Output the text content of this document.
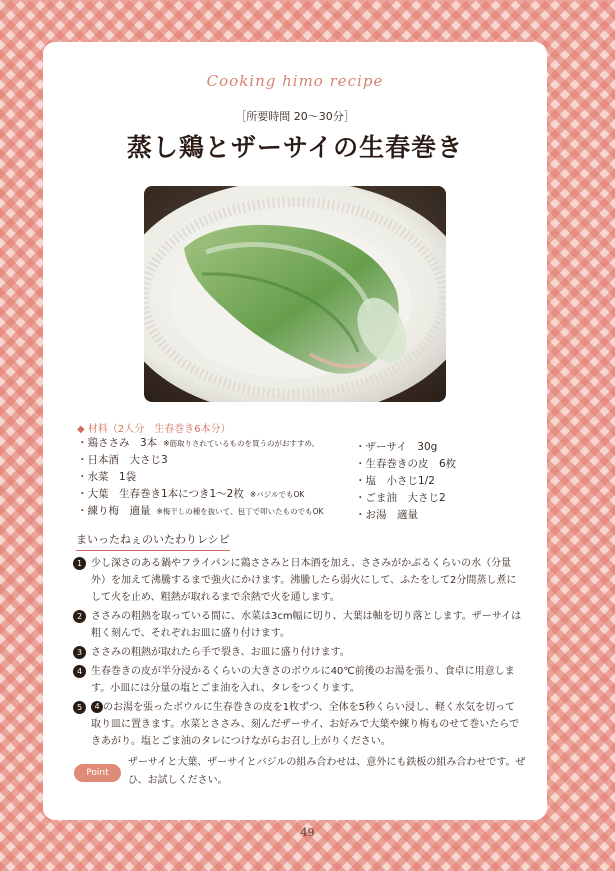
Cooking himo recipe
［所要時間 20〜30分］
蒸し鶏とザーサイの生春巻き
◆ 材料（2人分　生春巻き6本分）
・鶏ささみ　3本 ※筋取りされているものを買うのがおすすめ。
・日本酒　大さじ3
・水菜　1袋
・大葉　生春巻き1本につき1〜2枚 ※バジルでもOK
・練り梅　適量 ※梅干しの種を抜いて、包丁で叩いたものでもOK
・ザーサイ　30g
・生春巻きの皮　6枚
・塩　小さじ1/2
・ごま油　大さじ2
・お湯　適量
まいったねぇのいたわりレシピ
1 少し深さのある鍋やフライパンに鶏ささみと日本酒を加え、ささみがかぶるくらいの水（分量外）を加えて沸騰するまで強火にかけます。沸騰したら弱火にして、ふたをして2分間蒸し煮にして火を止め、粗熱が取れるまで余熱で火を通します。
2 ささみの粗熱を取っている間に、水菜は3cm幅に切り、大葉は軸を切り落とします。ザーサイは粗く刻んで、それぞれお皿に盛り付けます。
3 ささみの粗熱が取れたら手で裂き、お皿に盛り付けます。
4 生春巻きの皮が半分浸かるくらいの大きさのボウルに40℃前後のお湯を張り、食卓に用意します。小皿には分量の塩とごま油を入れ、タレをつくります。
5	4 のお湯を張ったボウルに生春巻きの皮を1枚ずつ、全体を5秒くらい浸し、軽く水気を切って取り皿に置きます。水菜とささみ、刻んだザーサイ、お好みで大葉や練り梅ものせて巻いたらできあがり。塩とごま油のタレにつけながらお召し上がりください。
Point
ザーサイと大葉、ザーサイとバジルの組み合わせは、意外にも鉄板の組み合わせです。ぜひ、お試しください。
49
